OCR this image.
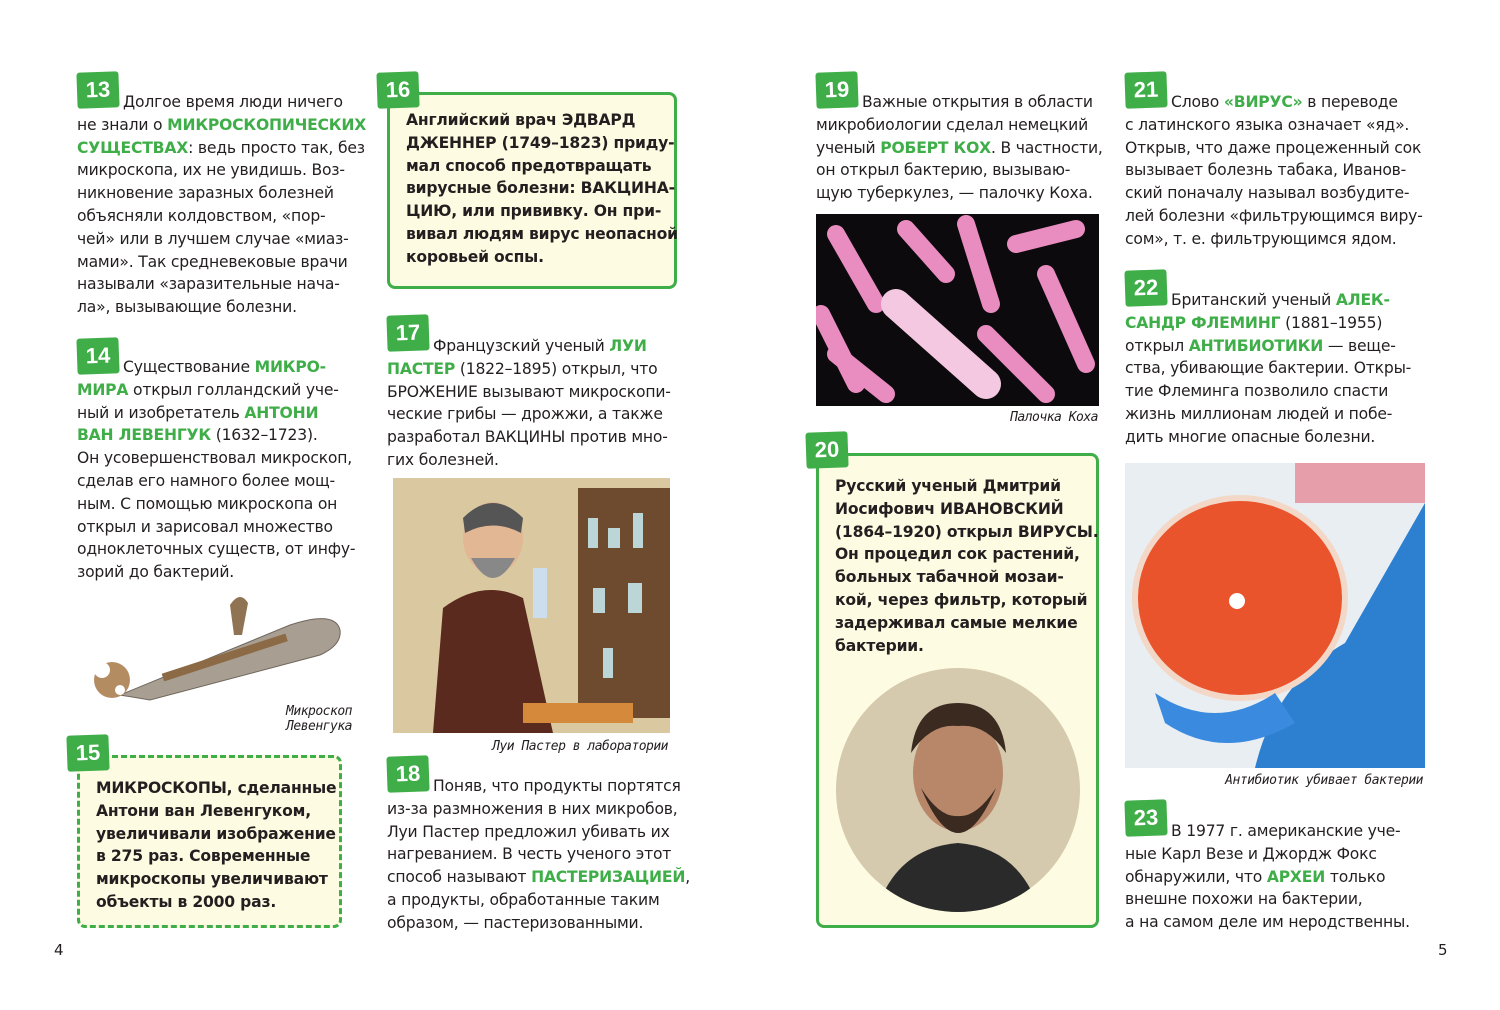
Микроскоп
Левенгука
Луи Пастер в лаборатории
Палочка Коха
Антибиотик убивает бактерии
13 Долгое время люди ничего
не знали о МИКРОСКОПИЧЕСКИХ
СУЩЕСТВАХ: ведь просто так, без
микроскопа, их не увидишь. Воз-
никновение заразных болезней
объясняли колдовством, «пор-
чей» или в лучшем случае «миаз-
мами». Так средневековые врачи
называли «заразительные нача-
ла», вызывающие болезни.
14 Существование МИКРО-
МИРА открыл голландский уче-
ный и изобретатель АНТОНИ
ВАН ЛЕВЕНГУК (1632–1723).
Он усовершенствовал микроскоп,
сделав его намного более мощ-
ным. С помощью микроскопа он
открыл и зарисовал множество
одноклеточных существ, от инфу-
зорий до бактерий.
15
МИКРОСКОПЫ, сделанные
Антони ван Левенгуком,
увеличивали изображение
в 275 раз. Современные
микроскопы увеличивают
объекты в 2000 раз.
16
Английский врач ЭДВАРД
ДЖЕННЕР (1749–1823) приду-
мал способ предотвращать
вирусные болезни: ВАКЦИНА-
ЦИЮ, или прививку. Он при-
вивал людям вирус неопасной
коровьей оспы.
17
Французский ученый ЛУИ
ПАСТЕР (1822–1895) открыл, что
БРОЖЕНИЕ вызывают микроскопи-
ческие грибы — дрожжи, а также
разработал ВАКЦИНЫ против мно-
гих болезней.
18 Поняв, что продукты портятся
из-за размножения в них микробов,
Луи Пастер предложил убивать их
нагреванием. В честь ученого этот
способ называют ПАСТЕРИЗАЦИЕЙ,
а продукты, обработанные таким
образом, — пастеризованными.
19 Важные открытия в области
микробиологии сделал немецкий
ученый РОБЕРТ КОХ. В частности,
он открыл бактерию, вызываю-
щую туберкулез, — палочку Коха.
20
Русский ученый Дмитрий
Иосифович ИВАНОВСКИЙ
(1864–1920) открыл ВИРУСЫ.
Он процедил сок растений,
больных табачной мозаи-
кой, через фильтр, который
задерживал самые мелкие
бактерии.
21 Слово «ВИРУС» в переводе
с латинского языка означает «яд».
Открыв, что даже процеженный сок
вызывает болезнь табака, Иванов-
ский поначалу называл возбудите-
лей болезни «фильтрующимся виру-
сом», т. е. фильтрующимся ядом.
22 Британский ученый АЛЕК-
САНДР ФЛЕМИНГ (1881–1955)
открыл АНТИБИОТИКИ — веще-
ства, убивающие бактерии. Откры-
тие Флеминга позволило спасти
жизнь миллионам людей и побе-
дить многие опасные болезни.
23
В 1977 г. американские уче-
ные Карл Везе и Джордж Фокс
обнаружили, что АРХЕИ только
внешне похожи на бактерии,
а на самом деле им неродственны.
4	5
